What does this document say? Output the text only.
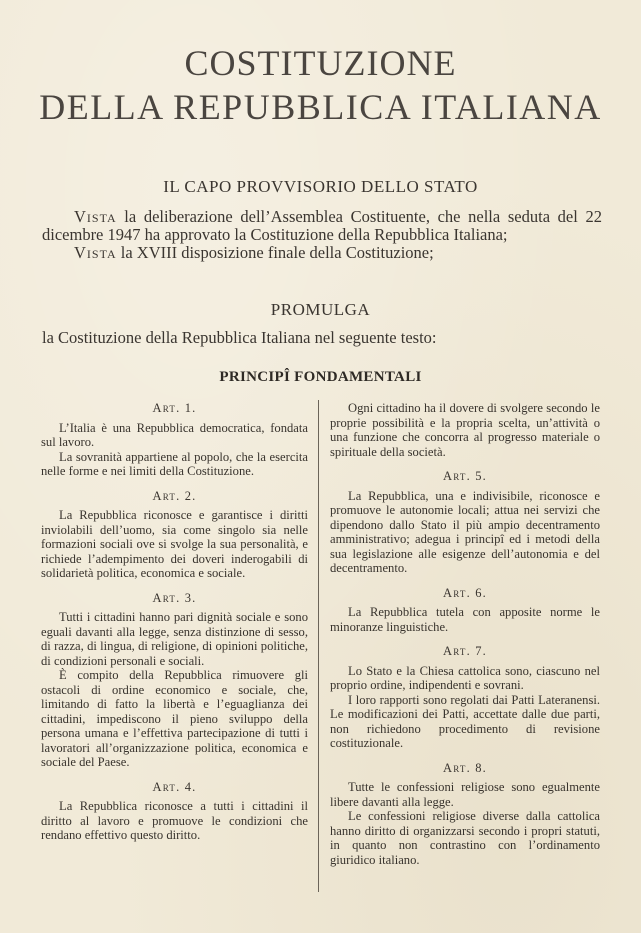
COSTITUZIONE
DELLA REPUBBLICA ITALIANA
IL CAPO PROVVISORIO DELLO STATO

Vista la deliberazione dell’Assemblea Costituente, che nella seduta del 22 dicembre 1947 ha approvato la Costituzione della Repubblica Italiana;

Vista la XVIII disposizione finale della Costituzione;

PROMULGA
la Costituzione della Repubblica Italiana nel seguente testo:
PRINCIPÎ FONDAMENTALI
Art. 1.

L’Italia è una Repubblica democratica, fondata sul lavoro.

La sovranità appartiene al popolo, che la esercita nelle forme e nei limiti della Costituzione.

Art. 2.

La Repubblica riconosce e garantisce i diritti inviolabili dell’uomo, sia come singolo sia nelle formazioni sociali ove si svolge la sua personalità, e richiede l’adempimento dei doveri inderogabili di solidarietà politica, economica e sociale.

Art. 3.

Tutti i cittadini hanno pari dignità sociale e sono eguali davanti alla legge, senza distinzione di sesso, di razza, di lingua, di religione, di opinioni politiche, di condizioni personali e sociali.

È compito della Repubblica rimuovere gli ostacoli di ordine economico e sociale, che, limitando di fatto la libertà e l’eguaglianza dei cittadini, impediscono il pieno sviluppo della persona umana e l’effettiva partecipazione di tutti i lavoratori all’organizzazione politica, economica e sociale del Paese.

Art. 4.

La Repubblica riconosce a tutti i cittadini il diritto al lavoro e promuove le condizioni che rendano effettivo questo diritto.

Ogni cittadino ha il dovere di svolgere secondo le proprie possibilità e la propria scelta, un’attività o una funzione che concorra al progresso materiale o spirituale della società.

Art. 5.

La Repubblica, una e indivisibile, riconosce e promuove le autonomie locali; attua nei servizi che dipendono dallo Stato il più ampio decentramento amministrativo; adegua i principî ed i metodi della sua legislazione alle esigenze dell’autonomia e del decentramento.

Art. 6.

La Repubblica tutela con apposite norme le minoranze linguistiche.

Art. 7.

Lo Stato e la Chiesa cattolica sono, ciascuno nel proprio ordine, indipendenti e sovrani.

I loro rapporti sono regolati dai Patti Lateranensi. Le modificazioni dei Patti, accettate dalle due parti, non richiedono procedimento di revisione costituzionale.

Art. 8.

Tutte le confessioni religiose sono egualmente libere davanti alla legge.

Le confessioni religiose diverse dalla cattolica hanno diritto di organizzarsi secondo i propri statuti, in quanto non contrastino con l’ordinamento giuridico italiano.
